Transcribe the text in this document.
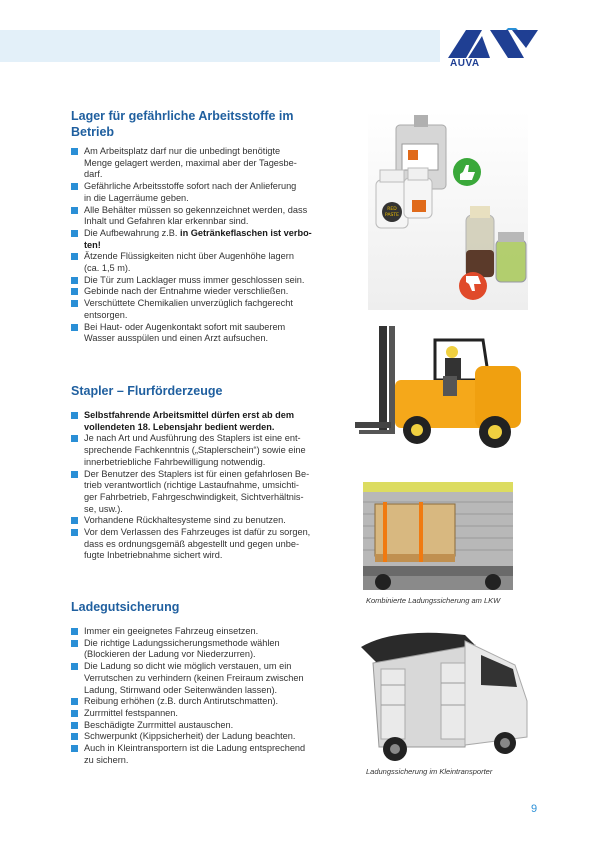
AUVA
Lager für gefährliche Arbeitsstoffe im
Betrieb
Am Arbeitsplatz darf nur die unbedingt benötigte
Menge gelagert werden, maximal aber der Tagesbe-
darf.
Gefährliche Arbeitsstoffe sofort nach der Anlieferung
in die Lagerräume geben.
Alle Behälter müssen so gekennzeichnet werden, dass
Inhalt und Gefahren klar erkennbar sind.
Die Aufbewahrung z.B. in Getränkeflaschen ist verbo-
ten!
Ätzende Flüssigkeiten nicht über Augenhöhe lagern
(ca. 1,5 m).
Die Tür zum Lacklager muss immer geschlossen sein.
Gebinde nach der Entnahme wieder verschließen.
Verschüttete Chemikalien unverzüglich fachgerecht
entsorgen.
Bei Haut- oder Augenkontakt sofort mit sauberem
Wasser ausspülen und einen Arzt aufsuchen.
RED
PASTE
Stapler – Flurförderzeuge
Selbstfahrende Arbeitsmittel dürfen erst ab dem
vollendeten 18. Lebensjahr bedient werden.
Je nach Art und Ausführung des Staplers ist eine ent-
sprechende Fachkenntnis („Staplerschein“) sowie eine
innerbetriebliche Fahrbewilligung notwendig.
Der Benutzer des Staplers ist für einen gefahrlosen Be-
trieb verantwortlich (richtige Lastaufnahme, umsichti-
ger Fahrbetrieb, Fahrgeschwindigkeit, Sichtverhältnis-
se, usw.).
Vorhandene Rückhaltesysteme sind zu benutzen.
Vor dem Verlassen des Fahrzeuges ist dafür zu sorgen,
dass es ordnungsgemäß abgestellt und gegen unbe-
fugte Inbetriebnahme sichert wird.
Kombinierte Ladungssicherung am LKW
Ladegutsicherung
Immer ein geeignetes Fahrzeug einsetzen.
Die richtige Ladungssicherungsmethode wählen
(Blockieren der Ladung vor Niederzurren).
Die Ladung so dicht wie möglich verstauen, um ein
Verrutschen zu verhindern (keinen Freiraum zwischen
Ladung, Stirnwand oder Seitenwänden lassen).
Reibung erhöhen (z.B. durch Antirutschmatten).
Zurrmittel festspannen.
Beschädigte Zurrmittel austauschen.
Schwerpunkt (Kippsicherheit) der Ladung beachten.
Auch in Kleintransportern ist die Ladung entsprechend
zu sichern.
Ladungssicherung im Kleintransporter
9
